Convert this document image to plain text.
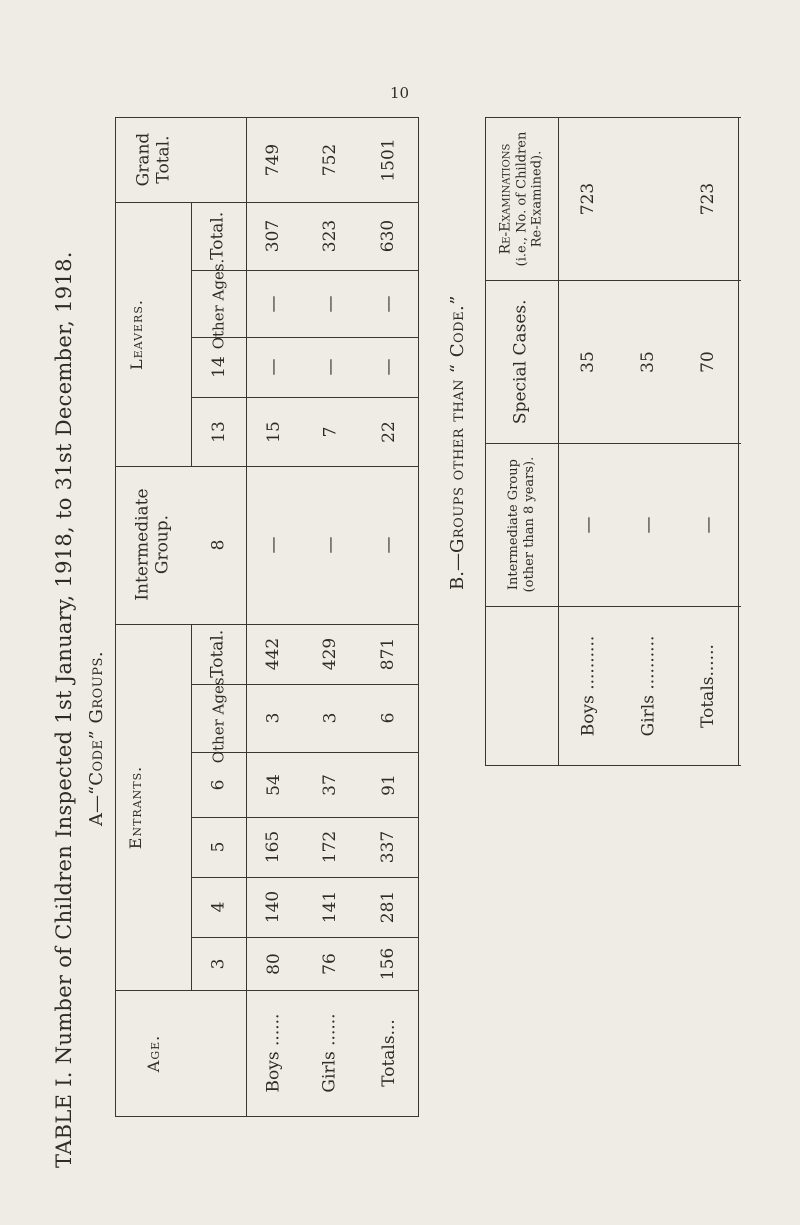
10
TABLE I. Number of Children Inspected 1st January, 1918, to 31st December, 1918. A—“Code” Groups.
Grand
Total.
Leavers.
Intermediate
Group.
Entrants.
Age.
Total.
Other Ages.
14
13
8
Total.
Other Ages.
6
5
4
3
749 752 1501
307 323 630
— — —
— — —
15 7 22
— — —
442 429 871
3 3 6
54 37 91
165 172 337
140 141 281
80 76 156
Boys ...... Girls ...... Totals...
B.—Groups other than “ Code.”
Re-Examinations
(i.e., No. of Children
Re-Examined).
Special Cases.
Intermediate Group
(other than 8 years).
723	723
35 35 70
— — —
Boys .......... Girls .......... Totals......
